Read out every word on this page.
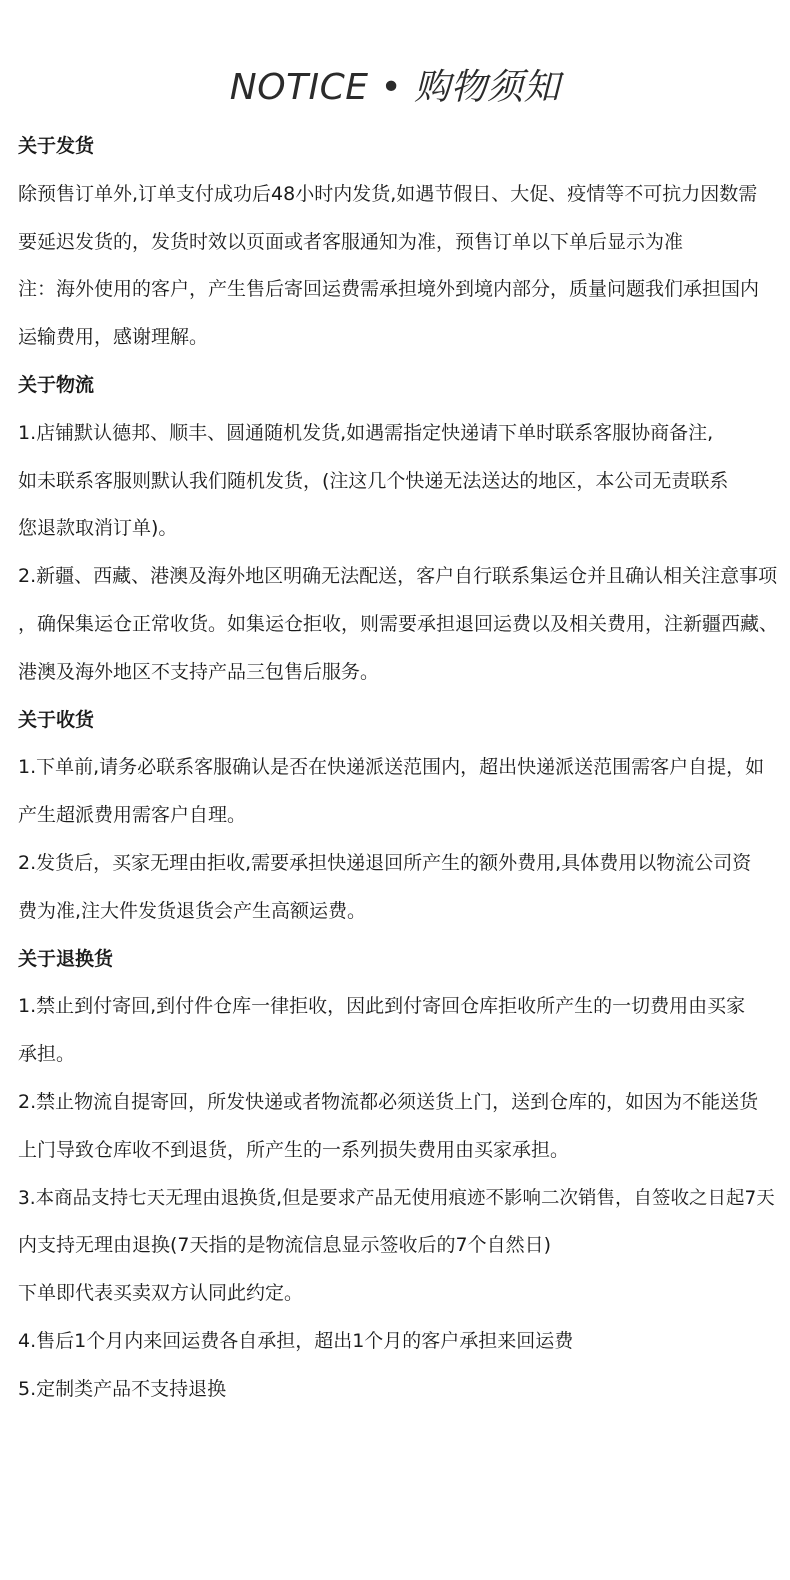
NOTICE • 购物须知
关于发货
除预售订单外,订单支付成功后48小时内发货,如遇节假日、大促、疫情等不可抗力因数需
要延迟发货的，发货时效以页面或者客服通知为准，预售订单以下单后显示为准
注：海外使用的客户，产生售后寄回运费需承担境外到境内部分，质量问题我们承担国内
运输费用，感谢理解。
关于物流
1.店铺默认德邦、顺丰、圆通随机发货,如遇需指定快递请下单时联系客服协商备注,
如未联系客服则默认我们随机发货，(注这几个快递无法送达的地区，本公司无责联系
您退款取消订单)。
2.新疆、西藏、港澳及海外地区明确无法配送，客户自行联系集运仓并且确认相关注意事项
，确保集运仓正常收货。如集运仓拒收，则需要承担退回运费以及相关费用，注新疆西藏、
港澳及海外地区不支持产品三包售后服务。
关于收货
1.下单前,请务必联系客服确认是否在快递派送范围内，超出快递派送范围需客户自提，如
产生超派费用需客户自理。
2.发货后，买家无理由拒收,需要承担快递退回所产生的额外费用,具体费用以物流公司资
费为准,注大件发货退货会产生高额运费。
关于退换货
1.禁止到付寄回,到付件仓库一律拒收，因此到付寄回仓库拒收所产生的一切费用由买家
承担。
2.禁止物流自提寄回，所发快递或者物流都必须送货上门，送到仓库的，如因为不能送货
上门导致仓库收不到退货，所产生的一系列损失费用由买家承担。
3.本商品支持七天无理由退换货,但是要求产品无使用痕迹不影响二次销售，自签收之日起7天
内支持无理由退换(7天指的是物流信息显示签收后的7个自然日)
下单即代表买卖双方认同此约定。
4.售后1个月内来回运费各自承担，超出1个月的客户承担来回运费
5.定制类产品不支持退换
